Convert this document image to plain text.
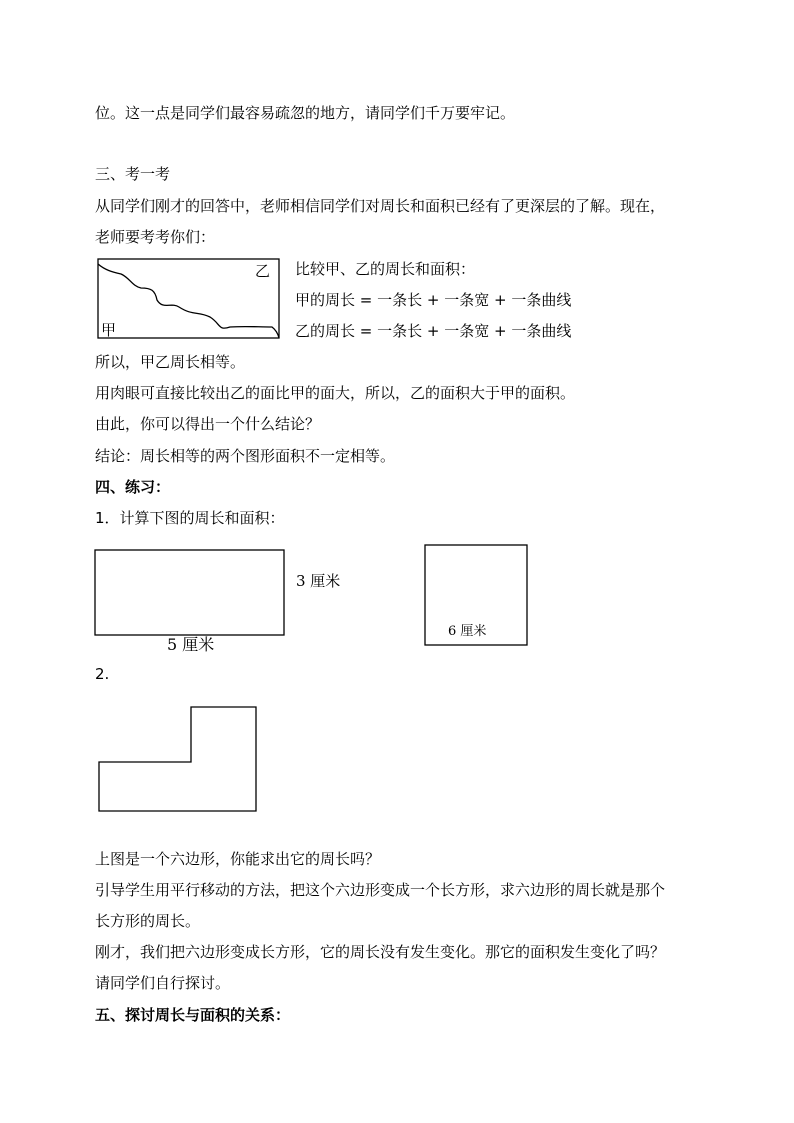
位。这一点是同学们最容易疏忽的地方，请同学们千万要牢记。
三、考一考
从同学们刚才的回答中，老师相信同学们对周长和面积已经有了更深层的了解。现在，
老师要考考你们：
甲
乙 比较甲、乙的周长和面积：
甲的周长 = 一条长 + 一条宽 + 一条曲线
乙的周长 = 一条长 + 一条宽 + 一条曲线
所以，甲乙周长相等。
用肉眼可直接比较出乙的面比甲的面大，所以，乙的面积大于甲的面积。
由此，你可以得出一个什么结论？
结论：周长相等的两个图形面积不一定相等。
四、练习：
1．计算下图的周长和面积：
3 厘米
5 厘米
6 厘米
2.
上图是一个六边形，你能求出它的周长吗？
引导学生用平行移动的方法，把这个六边形变成一个长方形，求六边形的周长就是那个
长方形的周长。
刚才，我们把六边形变成长方形，它的周长没有发生变化。那它的面积发生变化了吗？
请同学们自行探讨。
五、探讨周长与面积的关系：
